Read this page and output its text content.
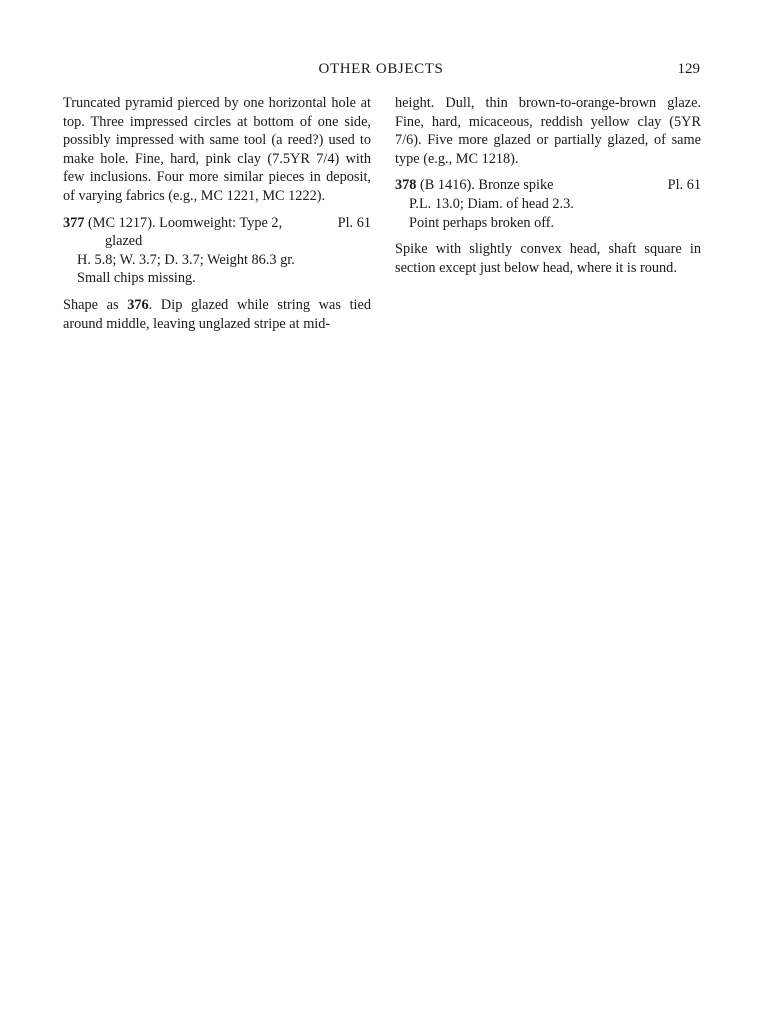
OTHER OBJECTS	129

Truncated pyramid pierced by one horizontal hole at top. Three impressed circles at bottom of one side, possibly impressed with same tool (a reed?) used to make hole. Fine, hard, pink clay (7.5YR 7/4) with few inclusions. Four more similar pieces in deposit, of varying fabrics (e.g., MC 1221, MC 1222).

377 (MC 1217). Loomweight: Type 2,	Pl. 61
glazed

H. 5.8; W. 3.7; D. 3.7; Weight 86.3 gr.

Small chips missing.

Shape as 376. Dip glazed while string was tied around middle, leaving unglazed stripe at mid-

height. Dull, thin brown-to-orange-brown glaze. Fine, hard, micaceous, reddish yellow clay (5YR 7/6). Five more glazed or partially glazed, of same type (e.g., MC 1218).

378 (B 1416). Bronze spike	Pl. 61

P.L. 13.0; Diam. of head 2.3.

Point perhaps broken off.

Spike with slightly convex head, shaft square in section except just below head, where it is round.
